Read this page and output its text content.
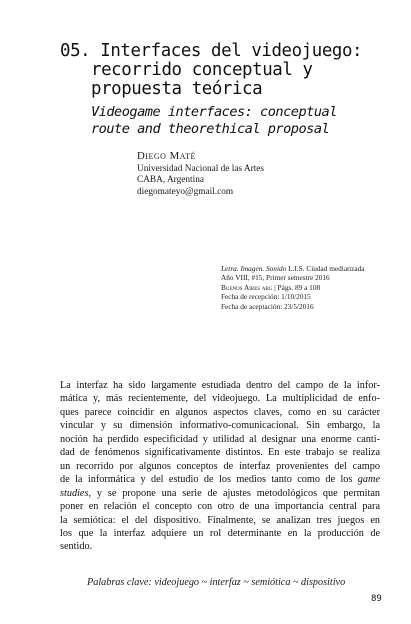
05. Interfaces del videojuego:
recorrido conceptual y
propuesta teórica
Videogame interfaces: conceptual
route and theorethical proposal
Diego Maté
Universidad Nacional de las Artes
CABA, Argentina
diegomateyo@gmail.com
Letra. Imagen. Sonido L.I.S. Ciudad mediatizada
Año VIII, #15, Primer semestre 2016
Buenos Aires arg | Págs. 89 a 108
Fecha de recepción: 1/10/2015
Fecha de aceptación: 23/5/2016
La interfaz ha sido largamente estudiada dentro del campo de la infor-
mática y, más recientemente, del videojuego. La multiplicidad de enfo-
ques parece coincidir en algunos aspectos claves, como en su carácter
vincular y su dimensión informativo-comunicacional. Sin embargo, la
noción ha perdido especificidad y utilidad al designar una enorme canti-
dad de fenómenos significativamente distintos. En este trabajo se realiza
un recorrido por algunos conceptos de interfaz provenientes del campo
de la informática y del estudio de los medios tanto como de los game
studies, y se propone una serie de ajustes metodológicos que permitan
poner en relación el concepto con otro de una importancia central para
la semiótica: el del dispositivo. Finalmente, se analizan tres juegos en
los que la interfaz adquiere un rol determinante en la producción de
sentido.
Palabras clave: videojuego ~ interfaz ~ semiótica ~ dispositivo
89
